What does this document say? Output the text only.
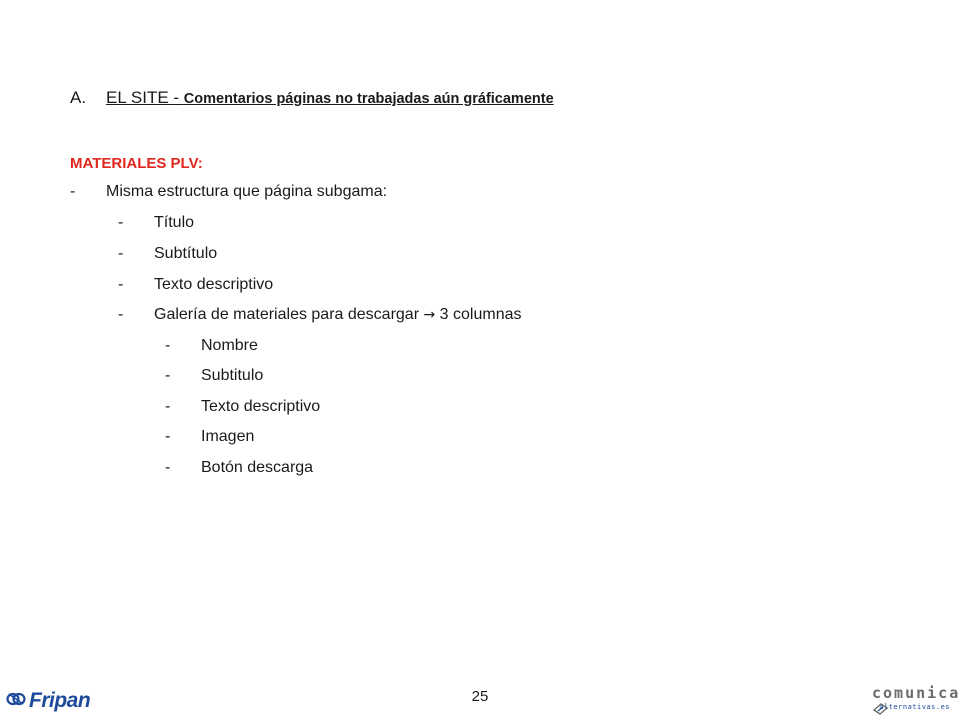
A. EL SITE - Comentarios páginas no trabajadas aún gráficamente
MATERIALES PLV:
- Misma estructura que página subgama:
- Título
- Subtítulo
- Texto descriptivo
- Galería de materiales para descargar → 3 columnas
- Nombre
- Subtitulo
- Texto descriptivo
- Imagen
- Botón descarga
25
Fripan	comunica
alternativas.es
